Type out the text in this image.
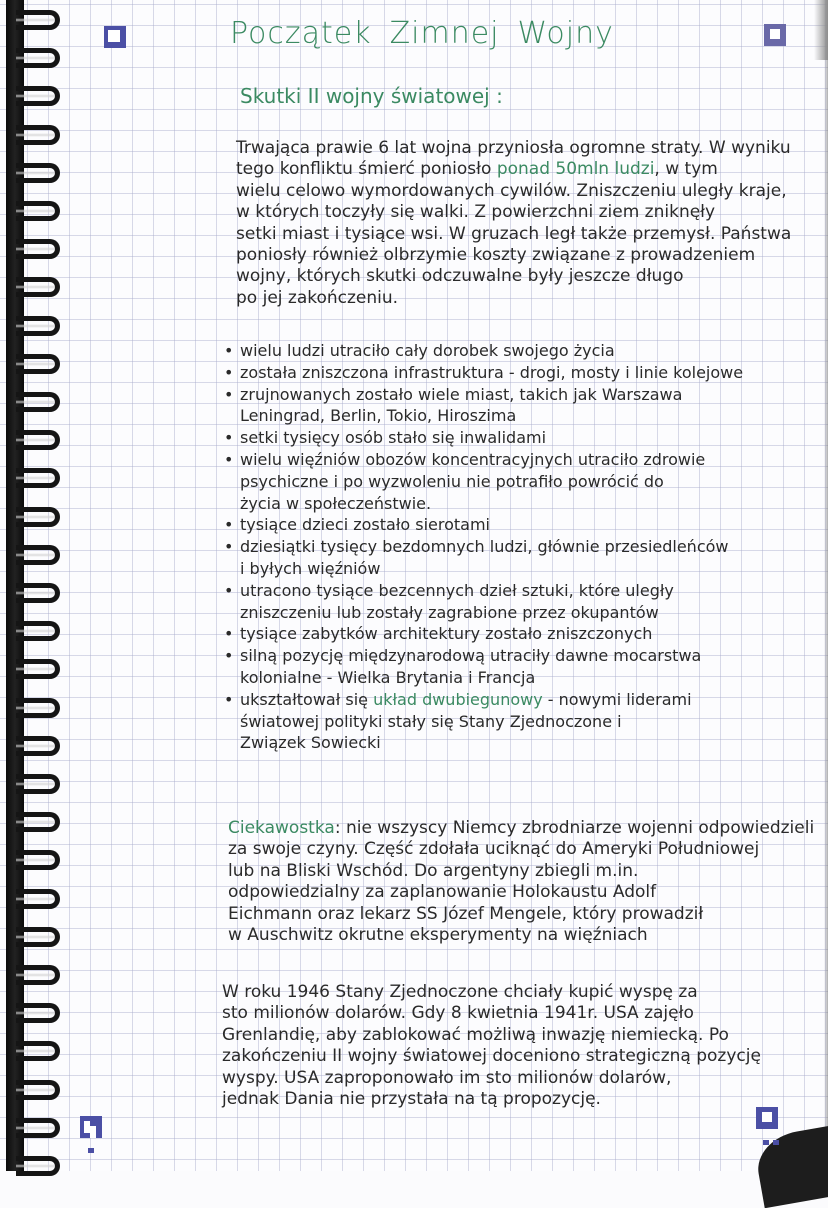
Początek Zimnej Wojny
Skutki II wojny światowej :
Trwająca prawie 6 lat wojna przyniosła ogromne straty. W wyniku
tego konfliktu śmierć poniosło ponad 50mln ludzi, w tym
wielu celowo wymordowanych cywilów. Zniszczeniu uległy kraje,
w których toczyły się walki. Z powierzchni ziem zniknęły
setki miast i tysiące wsi. W gruzach legł także przemysł. Państwa
poniosły również olbrzymie koszty związane z prowadzeniem
wojny, których skutki odczuwalne były jeszcze długo
po jej zakończeniu.
• wielu ludzi utraciło cały dorobek swojego życia
• została zniszczona infrastruktura - drogi, mosty i linie kolejowe
• zrujnowanych zostało wiele miast, takich jak Warszawa
Leningrad, Berlin, Tokio, Hiroszima
• setki tysięcy osób stało się inwalidami
• wielu więźniów obozów koncentracyjnych utraciło zdrowie
psychiczne i po wyzwoleniu nie potrafiło powrócić do
życia w społeczeństwie.
• tysiące dzieci zostało sierotami
• dziesiątki tysięcy bezdomnych ludzi, głównie przesiedleńców
i byłych więźniów
• utracono tysiące bezcennych dzieł sztuki, które uległy
zniszczeniu lub zostały zagrabione przez okupantów
• tysiące zabytków architektury zostało zniszczonych
• silną pozycję międzynarodową utraciły dawne mocarstwa
kolonialne - Wielka Brytania i Francja
• ukształtował się układ dwubiegunowy - nowymi liderami
światowej polityki stały się Stany Zjednoczone i
Związek Sowiecki
Ciekawostka: nie wszyscy Niemcy zbrodniarze wojenni odpowiedzieli
za swoje czyny. Część zdołała uciknąć do Ameryki Południowej
lub na Bliski Wschód. Do argentyny zbiegli m.in.
odpowiedzialny za zaplanowanie Holokaustu Adolf
Eichmann oraz lekarz SS Józef Mengele, który prowadził
w Auschwitz okrutne eksperymenty na więźniach
W roku 1946 Stany Zjednoczone chciały kupić wyspę za
sto milionów dolarów. Gdy 8 kwietnia 1941r. USA zajęło
Grenlandię, aby zablokować możliwą inwazję niemiecką. Po
zakończeniu II wojny światowej doceniono strategiczną pozycję
wyspy. USA zaproponowało im sto milionów dolarów,
jednak Dania nie przystała na tą propozycję.
